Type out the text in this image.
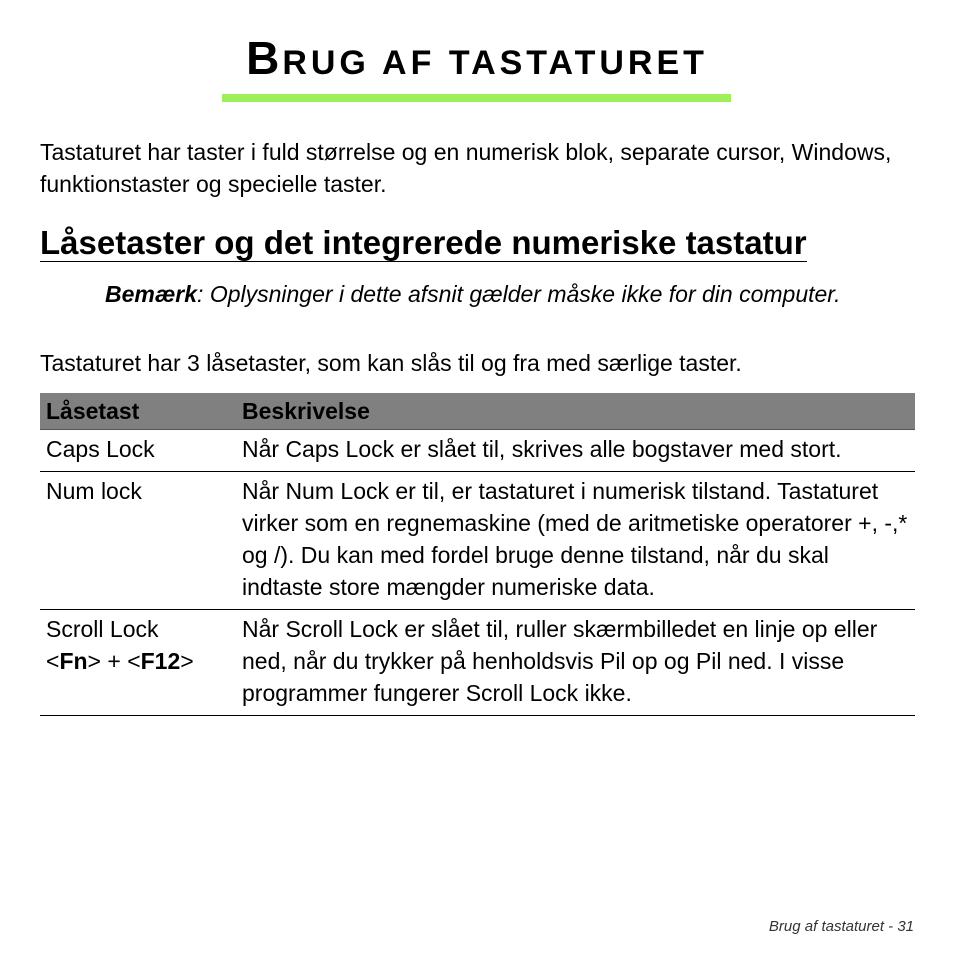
BRUG AF TASTATURET
Tastaturet har taster i fuld størrelse og en numerisk blok, separate cursor, Windows, funktionstaster og specielle taster.
Låsetaster og det integrerede numeriske tastatur
Bemærk: Oplysninger i dette afsnit gælder måske ikke for din computer.
Tastaturet har 3 låsetaster, som kan slås til og fra med særlige taster.
Låsetast	Beskrivelse
Caps Lock	Når Caps Lock er slået til, skrives alle bogstaver med stort.
Num lock	Når Num Lock er til, er tastaturet i numerisk tilstand. Tastaturet virker som en regnemaskine (med de aritmetiske operatorer +, -,* og /). Du kan med fordel bruge denne tilstand, når du skal indtaste store mængder numeriske data.

Scroll Lock
<Fn> + <F12>	Når Scroll Lock er slået til, ruller skærmbilledet en linje op eller ned, når du trykker på henholdsvis Pil op og Pil ned. I visse programmer fungerer Scroll Lock ikke.
Brug af tastaturet - 31
